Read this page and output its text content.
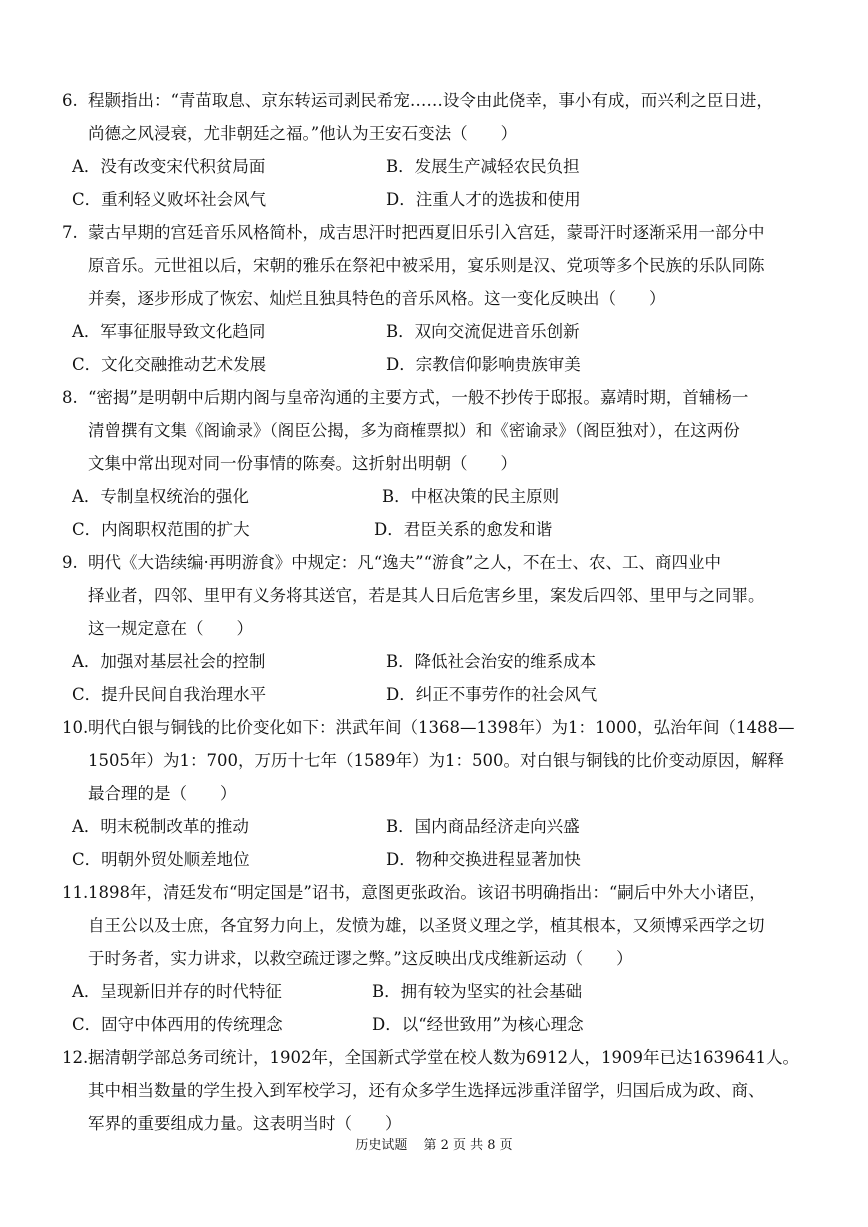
6. 程颢指出：“青苗取息、京东转运司剥民希宠……设令由此侥幸，事小有成，而兴利之臣日进，
尚德之风浸衰，尤非朝廷之福。”他认为王安石变法（　　）
A．没有改变宋代积贫局面	B．发展生产减轻农民负担
C．重利轻义败坏社会风气	D．注重人才的选拔和使用
7. 蒙古早期的宫廷音乐风格简朴，成吉思汗时把西夏旧乐引入宫廷，蒙哥汗时逐渐采用一部分中
原音乐。元世祖以后，宋朝的雅乐在祭祀中被采用，宴乐则是汉、党项等多个民族的乐队同陈
并奏，逐步形成了恢宏、灿烂且独具特色的音乐风格。这一变化反映出（　　）
A．军事征服导致文化趋同	B．双向交流促进音乐创新
C．文化交融推动艺术发展	D．宗教信仰影响贵族审美
8. “密揭”是明朝中后期内阁与皇帝沟通的主要方式，一般不抄传于邸报。嘉靖时期，首辅杨一
清曾撰有文集《阁谕录》（阁臣公揭，多为商榷票拟）和《密谕录》（阁臣独对），在这两份
文集中常出现对同一份事情的陈奏。这折射出明朝（　　）
A．专制皇权统治的强化	B．中枢决策的民主原则
C．内阁职权范围的扩大	D．君臣关系的愈发和谐
9. 明代《大诰续编·再明游食》中规定：凡“逸夫”“游食”之人，不在士、农、工、商四业中
择业者，四邻、里甲有义务将其送官，若是其人日后危害乡里，案发后四邻、里甲与之同罪。
这一规定意在（　　）
A．加强对基层社会的控制	B．降低社会治安的维系成本
C．提升民间自我治理水平	D．纠正不事劳作的社会风气
10.明代白银与铜钱的比价变化如下：洪武年间（1368—1398年）为1：1000，弘治年间（1488—
1505年）为1：700，万历十七年（1589年）为1：500。对白银与铜钱的比价变动原因，解释
最合理的是（　　）
A．明末税制改革的推动	B．国内商品经济走向兴盛
C．明朝外贸处顺差地位	D．物种交换进程显著加快
11.1898年，清廷发布“明定国是”诏书，意图更张政治。该诏书明确指出：“嗣后中外大小诸臣，
自王公以及士庶，各宜努力向上，发愤为雄，以圣贤义理之学，植其根本，又须博采西学之切
于时务者，实力讲求，以救空疏迂谬之弊。”这反映出戊戌维新运动（　　）
A．呈现新旧并存的时代特征	B．拥有较为坚实的社会基础
C．固守中体西用的传统理念	D．以“经世致用”为核心理念
12.据清朝学部总务司统计，1902年，全国新式学堂在校人数为6912人，1909年已达1639641人。
其中相当数量的学生投入到军校学习，还有众多学生选择远涉重洋留学，归国后成为政、商、
军界的重要组成力量。这表明当时（　　）
历史试题 第 2 页 共 8 页
